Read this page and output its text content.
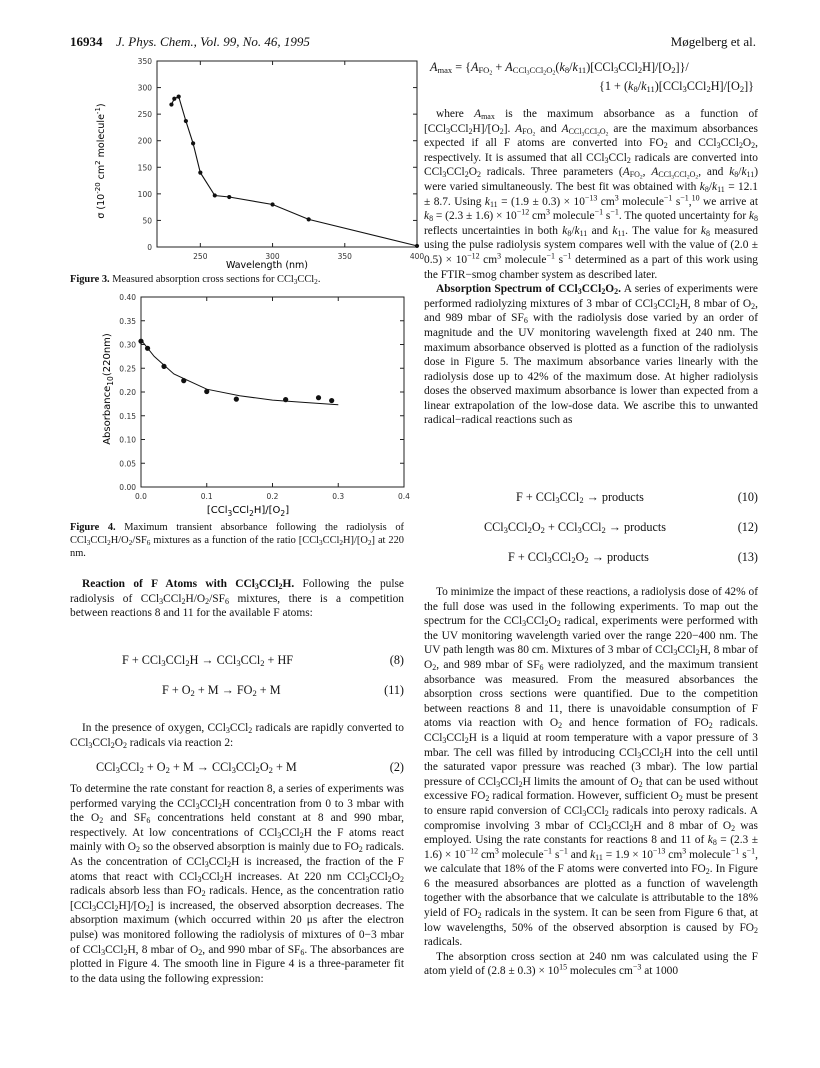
16934 J. Phys. Chem., Vol. 99, No. 46, 1995	Møgelberg et al.
0
50
100
150
200
250
300
350
250	300	350	400
σ ($10^{-20}$ $cm^2$ molecule$^{-1}$)
Wavelength (nm)
Figure 3. Measured absorption cross sections for CCl$_3$CCl$_2$.
0.00
0.05
0.10
0.15
0.20
0.25
0.30
0.35
0.40
0.0	0.1	0.2	0.3	0.4
Absorbance$_{10}$(220nm)
$[CCl_3CCl_2H]/[O_2]$
Figure 4. Maximum transient absorbance following the radiolysis of $CCl_3CCl_2H/O_2/SF_6$ mixtures as a function of the ratio $[CCl_3CCl_2H]/[O_2]$ at 220 nm.

Reaction of F Atoms with CCl$_3$CCl$_2$H. Following the pulse radiolysis of $CCl_3CCl_2H/O_2/SF_6$ mixtures, there is a competition between reactions 8 and 11 for the available F atoms:

F + CCl$_3$CCl$_2$H → CCl$_3$CCl$_2$ + HF	(8)
$F + O_2 + M \to FO_2 + M$	(11)

In the presence of oxygen, CCl$_3$CCl$_2$ radicals are rapidly converted to $CCl_3CCl_2O_2$ radicals via reaction 2:

$CCl_3CCl_2 + O_2 + M \to CCl_3CCl_2O_2 + M$	(2)

To determine the rate constant for reaction 8, a series of experiments was performed varying the CCl$_3$CCl$_2$H concentration from 0 to 3 mbar with the $O_2$ and $SF_6$ concentrations held constant at 8 and 990 mbar, respectively. At low concentrations of CCl$_3$CCl$_2$H the F atoms react mainly with $O_2$ so the observed absorption is mainly due to $FO_2$ radicals. As the concentration of CCl$_3$CCl$_2$H is increased, the fraction of the F atoms that react with CCl$_3$CCl$_2$H increases. At 220 nm $CCl_3CCl_2O_2$ radicals absorb less than $FO_2$ radicals. Hence, as the concentration ratio $[CCl_3CCl_2H]/[O_2]$ is increased, the observed absorption decreases. The absorption maximum (which occurred within 20 μs after the electron pulse) was monitored following the radiolysis of mixtures of 0−3 mbar of CCl$_3$CCl$_2$H, 8 mbar of $O_2$, and 990 mbar of $SF_6$. The absorbances are plotted in Figure 4. The smooth line in Figure 4 is a three-parameter fit to the data using the following expression:

$A_{max} = \{A_{FO_2} + A_{CCl_3CCl_2O_2}(k_8/k_{11})[CCl_3CCl_2H]/[O_2]\}/$
$\{1 + (k_8/k_{11})[CCl_3CCl_2H]/[O_2]\}$

where $A_{max}$ is the maximum absorbance as a function of $[CCl_3CCl_2H]/[O_2]$. $A_{FO_2}$ and $A_{CCl_3CCl_2O_2}$ are the maximum absorbances expected if all F atoms are converted into $FO_2$ and $CCl_3CCl_2O_2$, respectively. It is assumed that all CCl$_3$CCl$_2$ radicals are converted into $CCl_3CCl_2O_2$ radicals. Three parameters ($A_{FO_2}$, $A_{CCl_3CCl_2O_2}$, and $k_8/k_{11}$) were varied simultaneously. The best fit was obtained with $k_8/k_{11} = 12.1 \pm 8.7$. Using $k_{11} = (1.9 \pm 0.3) \times 10^{-13}$ $cm^3$ molecule$^{-1}$ $s^{-1},^{10}$ we arrive at $k_8 = (2.3 \pm 1.6) \times 10^{-12}$ $cm^3$ molecule$^{-1}$ $s^{-1}$. The quoted uncertainty for $k_8$ reflects uncertainties in both $k_8/k_{11}$ and $k_{11}$. The value for $k_8$ measured using the pulse radiolysis system compares well with the value of $(2.0 \pm 0.5) \times 10^{-12}$ $cm^3$ molecule$^{-1}$ $s^{-1}$ determined as a part of this work using the FTIR−smog chamber system as described later.

Absorption Spectrum of $CCl_3CCl_2O_2$. A series of experiments were performed radiolyzing mixtures of 3 mbar of CCl$_3$CCl$_2$H, 8 mbar of $O_2$, and 989 mbar of $SF_6$ with the radiolysis dose varied by an order of magnitude and the UV monitoring wavelength fixed at 240 nm. The maximum absorbance observed is plotted as a function of the radiolysis dose in Figure 5. The maximum absorbance varies linearly with the radiolysis dose up to 42% of the maximum dose. At higher radiolysis doses the observed maximum absorbance is lower than expected from a linear extrapolation of the low-dose data. We ascribe this to unwanted radical−radical reactions such as

F + CCl$_3$CCl$_2$ → products	(10)
$CCl_3CCl_2O_2 + CCl_3CCl_2$ → products	(12)
$F + CCl_3CCl_2O_2$ → products	(13)

To minimize the impact of these reactions, a radiolysis dose of 42% of the full dose was used in the following experiments. To map out the spectrum for the $CCl_3CCl_2O_2$ radical, experiments were performed with the UV monitoring wavelength varied over the range 220−400 nm. The UV path length was 80 cm. Mixtures of 3 mbar of CCl$_3$CCl$_2$H, 8 mbar of $O_2$, and 989 mbar of $SF_6$ were radiolyzed, and the maximum transient absorbance was measured. From the measured absorbances the absorption cross sections were quantified. Due to the competition between reactions 8 and 11, there is unavoidable consumption of F atoms via reaction with $O_2$ and hence formation of $FO_2$ radicals. CCl$_3$CCl$_2$H is a liquid at room temperature with a vapor pressure of 3 mbar. The cell was filled by introducing CCl$_3$CCl$_2$H into the cell until the saturated vapor pressure was reached (3 mbar). The low partial pressure of CCl$_3$CCl$_2$H limits the amount of $O_2$ that can be used without excessive $FO_2$ radical formation. However, sufficient $O_2$ must be present to ensure rapid conversion of CCl$_3$CCl$_2$ radicals into peroxy radicals. A compromise involving 3 mbar of CCl$_3$CCl$_2$H and 8 mbar of $O_2$ was employed. Using the rate constants for reactions 8 and 11 of $k_8 = (2.3 \pm 1.6) \times 10^{-12}$ $cm^3$ molecule$^{-1}$ $s^{-1}$ and $k_{11} = 1.9 \times 10^{-13}$ $cm^3$ molecule$^{-1}$ $s^{-1}$, we calculate that 18% of the F atoms were converted into $FO_2$. In Figure 6 the measured absorbances are plotted as a function of wavelength together with the absorbance that we calculate is attributable to the 18% yield of $FO_2$ radicals in the system. It can be seen from Figure 6 that, at low wavelengths, 50% of the observed absorption is caused by $FO_2$ radicals.

The absorption cross section at 240 nm was calculated using the F atom yield of $(2.8 \pm 0.3) \times 10^{15}$ molecules $cm^{-3}$ at 1000
